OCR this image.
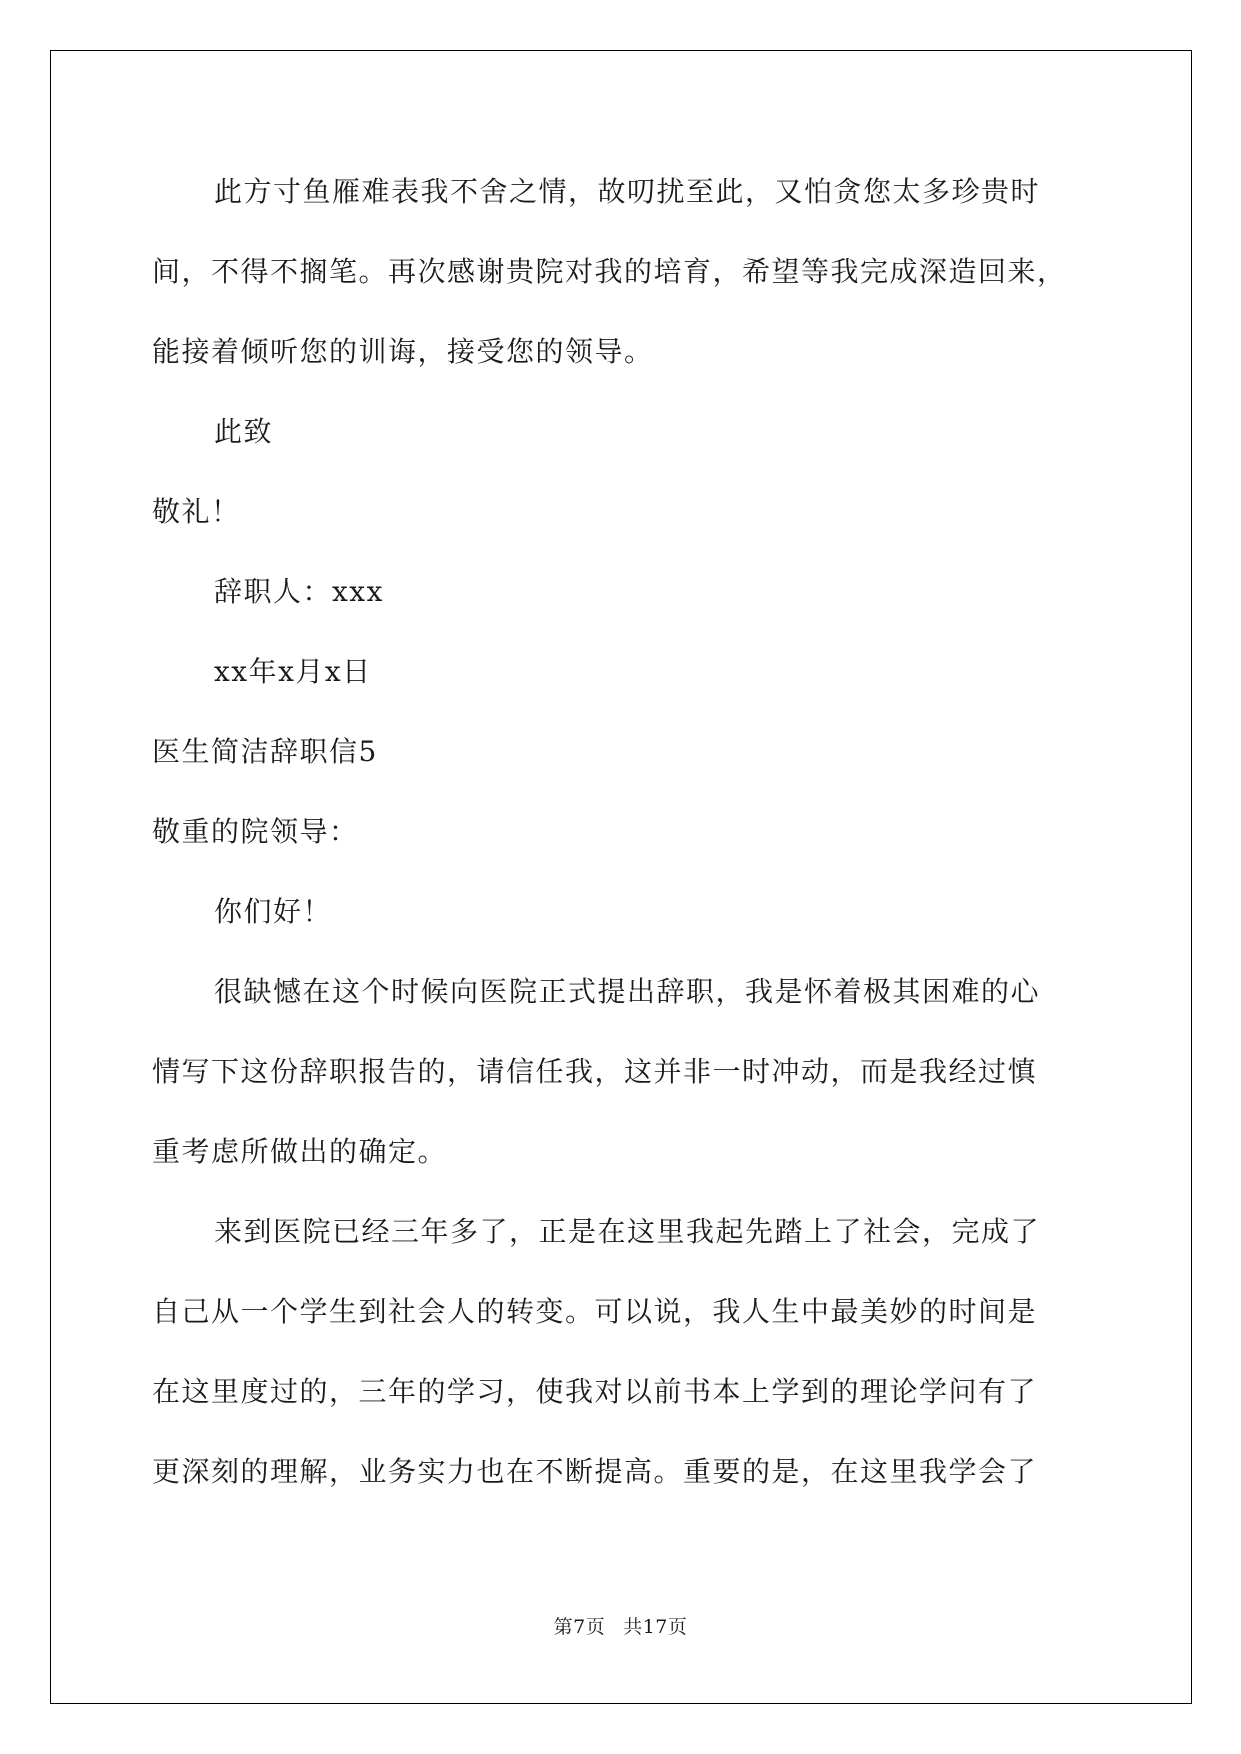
此方寸鱼雁难表我不舍之情，故叨扰至此，又怕贪您太多珍贵时
间，不得不搁笔。再次感谢贵院对我的培育，希望等我完成深造回来，
能接着倾听您的训诲，接受您的领导。
此致
敬礼！
辞职人：xxx
xx年x月x日
医生简洁辞职信5
敬重的院领导：
你们好！
很缺憾在这个时候向医院正式提出辞职，我是怀着极其困难的心
情写下这份辞职报告的，请信任我，这并非一时冲动，而是我经过慎
重考虑所做出的确定。
来到医院已经三年多了，正是在这里我起先踏上了社会，完成了
自己从一个学生到社会人的转变。可以说，我人生中最美妙的时间是
在这里度过的，三年的学习，使我对以前书本上学到的理论学问有了
更深刻的理解，业务实力也在不断提高。重要的是，在这里我学会了
第7页 共17页
